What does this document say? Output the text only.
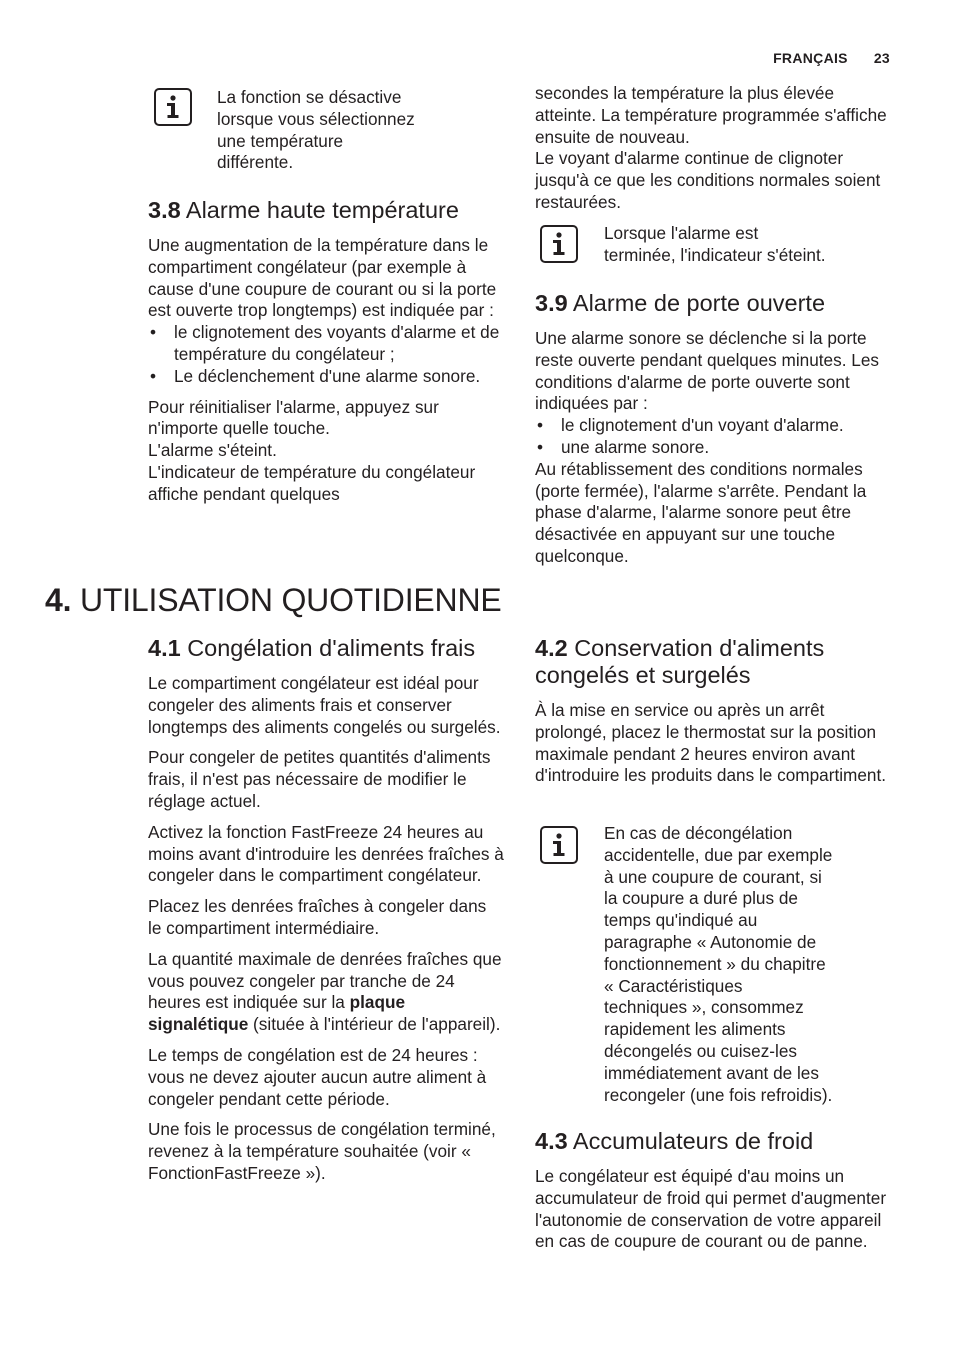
FRANÇAIS 23

La fonction se désactive

lorsque vous sélectionnez

une température

différente.

3.8 Alarme haute température

Une augmentation de la température dans le compartiment congélateur (par exemple à cause d'une coupure de courant ou si la porte est ouverte trop longtemps) est indiquée par :

• le clignotement des voyants d'alarme et de température du congélateur ;
• Le déclenchement d'une alarme sonore.

Pour réinitialiser l'alarme, appuyez sur n'importe quelle touche.

L'alarme s'éteint.

L'indicateur de température du congélateur affiche pendant quelques

secondes la température la plus élevée atteinte. La température programmée s'affiche ensuite de nouveau.

Le voyant d'alarme continue de clignoter jusqu'à ce que les conditions normales soient restaurées.

Lorsque l'alarme est

terminée, l'indicateur s'éteint.

3.9 Alarme de porte ouverte

Une alarme sonore se déclenche si la porte reste ouverte pendant quelques minutes. Les conditions d'alarme de porte ouverte sont indiquées par :

• le clignotement d'un voyant d'alarme.
• une alarme sonore.

Au rétablissement des conditions normales (porte fermée), l'alarme s'arrête. Pendant la phase d'alarme, l'alarme sonore peut être désactivée en appuyant sur une touche quelconque.

4. UTILISATION QUOTIDIENNE
4.1 Congélation d'aliments frais

Le compartiment congélateur est idéal pour congeler des aliments frais et conserver longtemps des aliments congelés ou surgelés.

Pour congeler de petites quantités d'aliments frais, il n'est pas nécessaire de modifier le réglage actuel.

Activez la fonction FastFreeze 24 heures au moins avant d'introduire les denrées fraîches à congeler dans le compartiment congélateur.

Placez les denrées fraîches à congeler dans le compartiment intermédiaire.

La quantité maximale de denrées fraîches que vous pouvez congeler par tranche de 24 heures est indiquée sur la plaque signalétique (située à l'intérieur de l'appareil).

Le temps de congélation est de 24 heures : vous ne devez ajouter aucun autre aliment à congeler pendant cette période.

Une fois le processus de congélation terminé, revenez à la température souhaitée (voir « FonctionFastFreeze »).

4.2 Conservation d'aliments
congelés et surgelés

À la mise en service ou après un arrêt prolongé, placez le thermostat sur la position maximale pendant 2 heures environ avant d'introduire les produits dans le compartiment.

En cas de décongélation

accidentelle, due par exemple

à une coupure de courant, si

la coupure a duré plus de

temps qu'indiqué au

paragraphe « Autonomie de

fonctionnement » du chapitre

« Caractéristiques

techniques », consommez

rapidement les aliments

décongelés ou cuisez-les

immédiatement avant de les

recongeler (une fois refroidis).

4.3 Accumulateurs de froid

Le congélateur est équipé d'au moins un accumulateur de froid qui permet d'augmenter l'autonomie de conservation de votre appareil en cas de coupure de courant ou de panne.
